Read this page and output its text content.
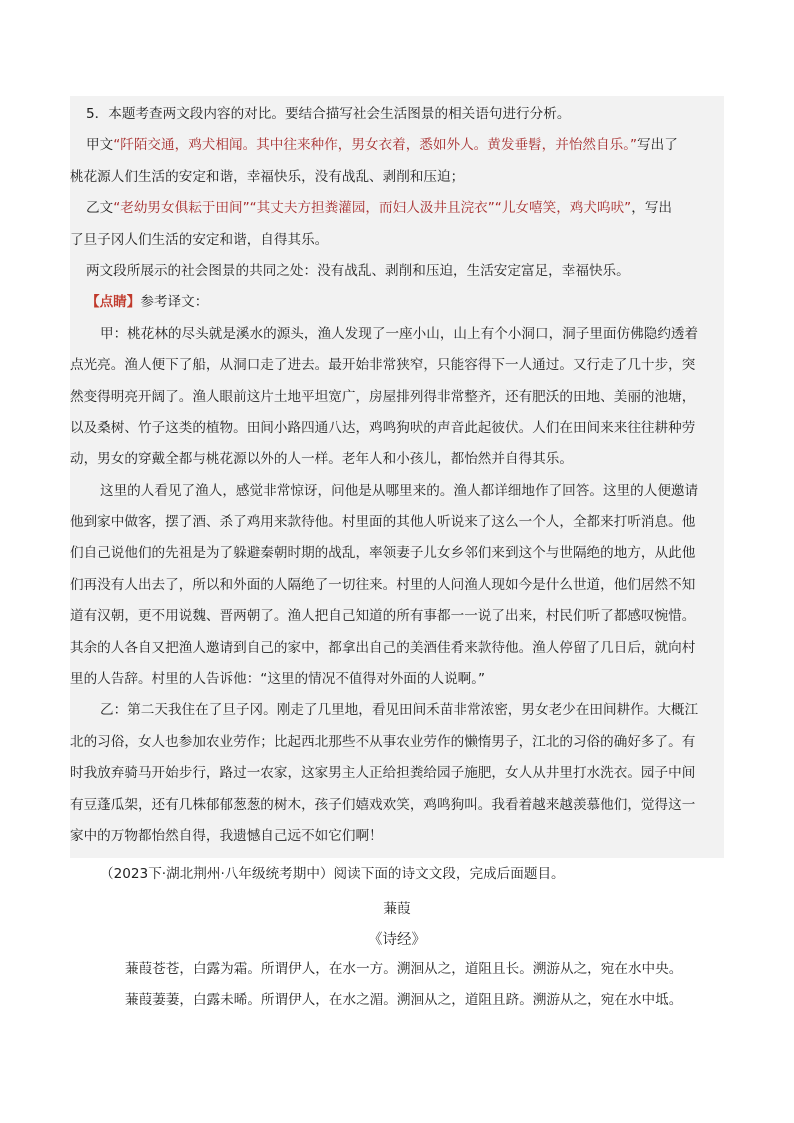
5．本题考查两文段内容的对比。要结合描写社会生活图景的相关语句进行分析。
甲文“阡陌交通，鸡犬相闻。其中往来种作，男女衣着，悉如外人。黄发垂髫，并怡然自乐。”写出了
桃花源人们生活的安定和谐，幸福快乐，没有战乱、剥削和压迫；
乙文“老幼男女俱耘于田间”“其丈夫方担粪灌园，而妇人汲井且浣衣”“儿女嘻笑，鸡犬呜吠”，写出
了旦子冈人们生活的安定和谐，自得其乐。
两文段所展示的社会图景的共同之处：没有战乱、剥削和压迫，生活安定富足，幸福快乐。
【点睛】参考译文：
甲：桃花林的尽头就是溪水的源头，渔人发现了一座小山，山上有个小洞口，洞子里面仿佛隐约透着
点光亮。渔人便下了船，从洞口走了进去。最开始非常狭窄，只能容得下一人通过。又行走了几十步，突
然变得明亮开阔了。渔人眼前这片土地平坦宽广，房屋排列得非常整齐，还有肥沃的田地、美丽的池塘，
以及桑树、竹子这类的植物。田间小路四通八达，鸡鸣狗吠的声音此起彼伏。人们在田间来来往往耕种劳
动，男女的穿戴全都与桃花源以外的人一样。老年人和小孩儿，都怡然并自得其乐。
这里的人看见了渔人，感觉非常惊讶，问他是从哪里来的。渔人都详细地作了回答。这里的人便邀请
他到家中做客，摆了酒、杀了鸡用来款待他。村里面的其他人听说来了这么一个人，全都来打听消息。他
们自己说他们的先祖是为了躲避秦朝时期的战乱，率领妻子儿女乡邻们来到这个与世隔绝的地方，从此他
们再没有人出去了，所以和外面的人隔绝了一切往来。村里的人问渔人现如今是什么世道，他们居然不知
道有汉朝，更不用说魏、晋两朝了。渔人把自己知道的所有事都一一说了出来，村民们听了都感叹惋惜。
其余的人各自又把渔人邀请到自己的家中，都拿出自己的美酒佳肴来款待他。渔人停留了几日后，就向村
里的人告辞。村里的人告诉他：“这里的情况不值得对外面的人说啊。”
乙：第二天我住在了旦子冈。刚走了几里地，看见田间禾苗非常浓密，男女老少在田间耕作。大概江
北的习俗，女人也参加农业劳作；比起西北那些不从事农业劳作的懒惰男子，江北的习俗的确好多了。有
时我放弃骑马开始步行，路过一农家，这家男主人正给担粪给园子施肥，女人从井里打水洗衣。园子中间
有豆蓬瓜架，还有几株郁郁葱葱的树木，孩子们嬉戏欢笑，鸡鸣狗叫。我看着越来越羡慕他们，觉得这一
家中的万物都怡然自得，我遗憾自己远不如它们啊！
（2023下·湖北荆州·八年级统考期中）阅读下面的诗文文段，完成后面题目。
蒹葭
《诗经》
蒹葭苍苍，白露为霜。所谓伊人，在水一方。溯洄从之，道阻且长。溯游从之，宛在水中央。
蒹葭萋萋，白露未晞。所谓伊人，在水之湄。溯洄从之，道阻且跻。溯游从之，宛在水中坻。
